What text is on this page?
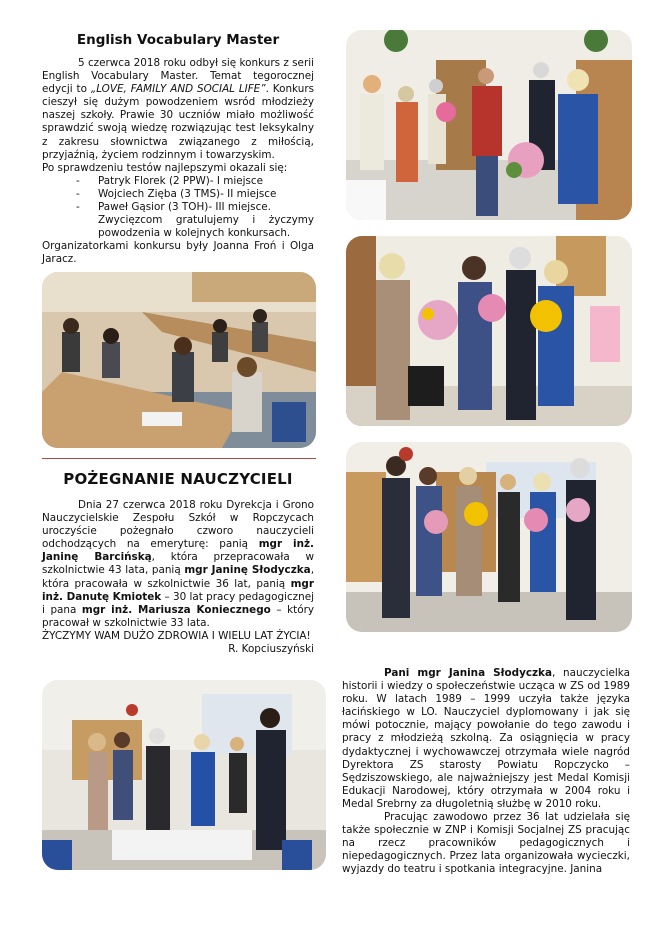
English Vocabulary Master
5 czerwca 2018 roku odbył się konkurs z serii English Vocabulary Master. Temat tegorocznej edycji to „LOVE, FAMILY AND SOCIAL LIFE”. Konkurs cieszył się dużym powodzeniem wsród młodzieży naszej szkoły. Prawie 30 uczniów miało możliwość sprawdzić swoją wiedzę rozwiązując test leksykalny z zakresu słownictwa związanego z miłością, przyjaźnią, życiem rodzinnym i towarzyskim.
Po sprawdzeniu testów najlepszymi okazali się:
- Patryk Florek (2 PPW)- I miejsce
- Wojciech Zięba (3 TMS)- II miejsce
- Paweł Gąsior (3 TOH)- III miejsce.
Zwycięzcom gratulujemy i życzymy powodzenia w kolejnych konkursach.
Organizatorkami konkursu były Joanna Froń i Olga Jaracz.
POŻEGNANIE NAUCZYCIELI
Dnia 27 czerwca 2018 roku Dyrekcja i Grono Nauczycielskie Zespołu Szkół w Ropczycach uroczyście pożegnało czworo nauczycieli odchodzących na emeryturę: panią mgr inż. Janinę Barcińską, która przepracowała w szkolnictwie 43 lata, panią mgr Janinę Słodyczka, która pracowała w szkolnictwie 36 lat, panią mgr inż. Danutę Kmiotek – 30 lat pracy pedagogicznej i pana mgr inż. Mariusza Koniecznego – który pracował w szkolnictwie 33 lata.
ŻYCZYMY WAM DUŻO ZDROWIA I WIELU LAT ŻYCIA!
R. Kopciuszyński
Pani mgr Janina Słodyczka, nauczycielka historii i wiedzy o społeczeństwie ucząca w ZS od 1989 roku. W latach 1989 – 1999 uczyła także języka łacińskiego w LO. Nauczyciel dyplomowany i jak się mówi potocznie, mający powołanie do tego zawodu i pracy z młodzieżą szkolną. Za osiągnięcia w pracy dydaktycznej i wychowawczej otrzymała wiele nagród Dyrektora ZS starosty Powiatu Ropczycko – Sędziszowskiego, ale najważniejszy jest Medal Komisji Edukacji Narodowej, który otrzymała w 2004 roku i Medal Srebrny za długoletnią służbę w 2010 roku.
Pracując zawodowo przez 36 lat udzielała się także społecznie w ZNP i Komisji Socjalnej ZS pracując na rzecz pracowników pedagogicznych i niepedagogicznych. Przez lata organizowała wycieczki, wyjazdy do teatru i spotkania integracyjne. Janina
